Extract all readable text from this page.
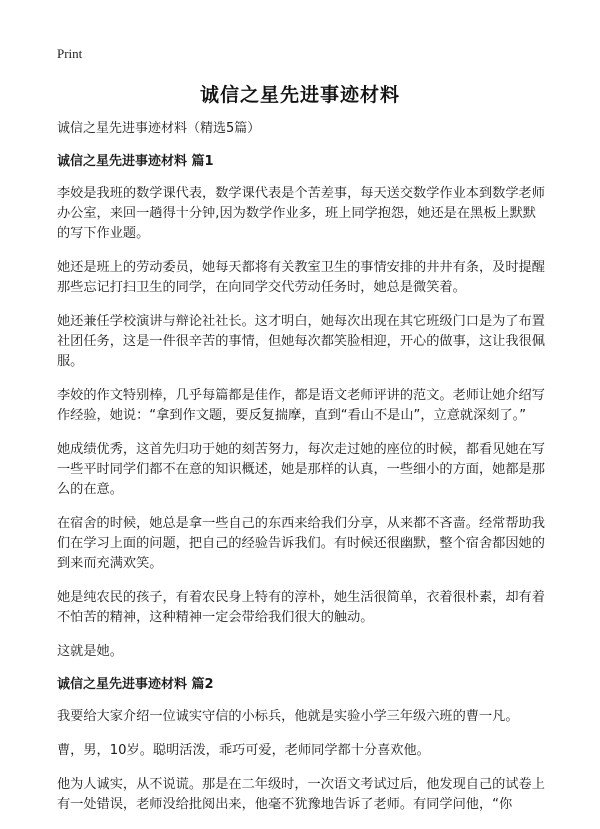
Print
诚信之星先进事迹材料
诚信之星先进事迹材料（精选5篇）
诚信之星先进事迹材料 篇1

李姣是我班的数学课代表，数学课代表是个苦差事，每天送交数学作业本到数学老师办公室，来回一趟得十分钟,因为数学作业多，班上同学抱怨，她还是在黑板上默默的写下作业题。

她还是班上的劳动委员，她每天都将有关教室卫生的事情安排的井井有条，及时提醒那些忘记打扫卫生的同学，在向同学交代劳动任务时，她总是微笑着。

她还兼任学校演讲与辩论社社长。这才明白，她每次出现在其它班级门口是为了布置社团任务，这是一件很辛苦的事情，但她每次都笑脸相迎，开心的做事，这让我很佩服。

李姣的作文特别棒，几乎每篇都是佳作，都是语文老师评讲的范文。老师让她介绍写作经验，她说：“拿到作文题，要反复揣摩，直到“看山不是山”，立意就深刻了。”

她成绩优秀，这首先归功于她的刻苦努力，每次走过她的座位的时候，都看见她在写一些平时同学们都不在意的知识概述，她是那样的认真，一些细小的方面，她都是那么的在意。

在宿舍的时候，她总是拿一些自己的东西来给我们分享，从来都不吝啬。经常帮助我们在学习上面的问题，把自己的经验告诉我们。有时候还很幽默，整个宿舍都因她的到来而充满欢笑。

她是纯农民的孩子，有着农民身上特有的淳朴，她生活很简单，衣着很朴素，却有着不怕苦的精神，这种精神一定会带给我们很大的触动。

这就是她。

诚信之星先进事迹材料 篇2

我要给大家介绍一位诚实守信的小标兵，他就是实验小学三年级六班的曹一凡。

曹，男，10岁。聪明活泼，乖巧可爱，老师同学都十分喜欢他。

他为人诚实，从不说谎。那是在二年级时，一次语文考试过后，他发现自己的试卷上有一处错误，老师没给批阅出来，他毫不犹豫地告诉了老师。有同学问他，“你
